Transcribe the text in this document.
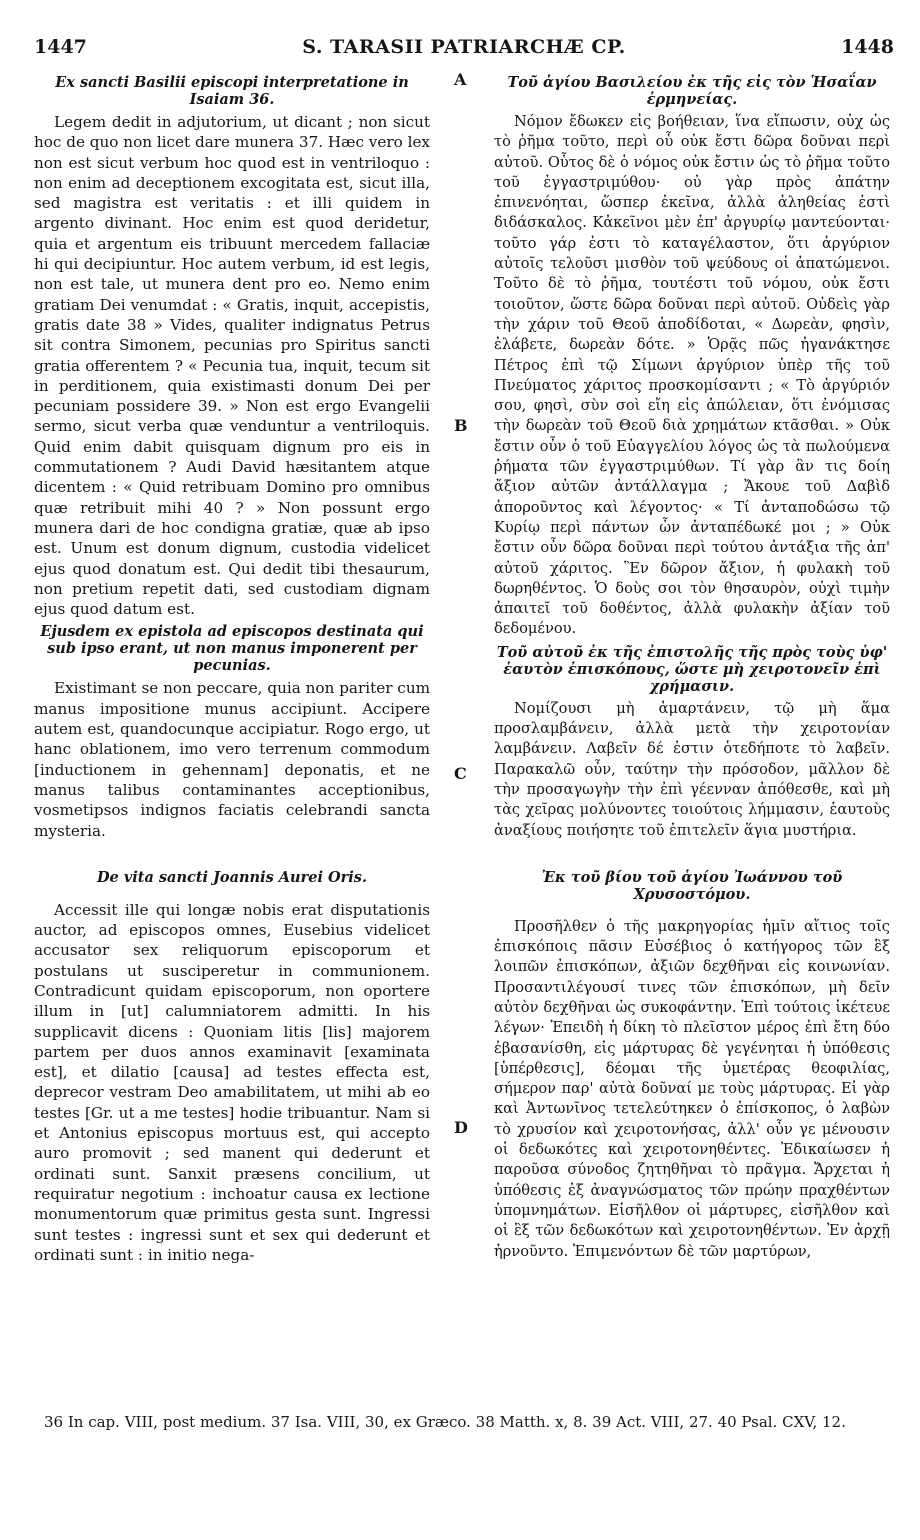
1447	S. TARASII PATRIARCHÆ CP.	1448
Ex sancti Basilii episcopi interpretatione in Isaiam 36.

Legem dedit in adjutorium, ut dicant ; non sicut hoc de quo non licet dare munera 37. Hæc vero lex non est sicut verbum hoc quod est in ventriloquo : non enim ad deceptionem excogitata est, sicut illa, sed magistra est veritatis : et illi quidem in argento divinant. Hoc enim est quod deridetur, quia et argentum eis tribuunt mercedem fallaciæ hi qui decipiuntur. Hoc autem verbum, id est legis, non est tale, ut munera dent pro eo. Nemo enim gratiam Dei venumdat : « Gratis, inquit, accepistis, gratis date 38 » Vides, qualiter indignatus Petrus sit contra Simonem, pecunias pro Spiritus sancti gratia offerentem ? « Pecunia tua, inquit, tecum sit in perditionem, quia existimasti donum Dei per pecuniam possidere 39. » Non est ergo Evangelii sermo, sicut verba quæ venduntur a ventriloquis. Quid enim dabit quisquam dignum pro eis in commutationem ? Audi David hæsitantem atque dicentem : « Quid retribuam Domino pro omnibus quæ retribuit mihi 40 ? » Non possunt ergo munera dari de hoc condigna gratiæ, quæ ab ipso est. Unum est donum dignum, custodia videlicet ejus quod donatum est. Qui dedit tibi thesaurum, non pretium repetit dati, sed custodiam dignam ejus quod datum est.

Ejusdem ex epistola ad episcopos destinata qui sub ipso erant, ut non manus imponerent per pecunias.

Existimant se non peccare, quia non pariter cum manus impositione munus accipiunt. Accipere autem est, quandocunque accipiatur. Rogo ergo, ut hanc oblationem, imo vero terrenum commodum [inductionem in gehennam] deponatis, et ne manus talibus contaminantes acceptionibus, vosmetipsos indignos faciatis celebrandi sancta mysteria.

De vita sancti Joannis Aurei Oris.

Accessit ille qui longæ nobis erat disputationis auctor, ad episcopos omnes, Eusebius videlicet accusator sex reliquorum episcoporum et postulans ut susciperetur in communionem. Contradicunt quidam episcoporum, non oportere illum in [ut] calumniatorem admitti. In his supplicavit dicens : Quoniam litis [lis] majorem partem per duos annos examinavit [examinata est], et dilatio [causa] ad testes effecta est, deprecor vestram Deo amabilitatem, ut mihi ab eo testes [Gr. ut a me testes] hodie tribuantur. Nam si et Antonius episcopus mortuus est, qui accepto auro promovit ; sed manent qui dederunt et ordinati sunt. Sanxit præsens concilium, ut requiratur negotium : inchoatur causa ex lectione monumentorum quæ primitus gesta sunt. Ingressi sunt testes : ingressi sunt et sex qui dederunt et ordinati sunt : in initio nega-

A
B
C
D
Τοῦ ἁγίου Βασιλείου ἐκ τῆς εἰς τὸν Ἡσαΐαν ἑρμηνείας.

Νόμον ἔδωκεν εἰς βοήθειαν, ἵνα εἴπωσιν, οὐχ ὡς τὸ ῥῆμα τοῦτο, περὶ οὗ οὐκ ἔστι δῶρα δοῦναι περὶ αὐτοῦ. Οὗτος δὲ ὁ νόμος οὐκ ἔστιν ὡς τὸ ῥῆμα τοῦτο τοῦ ἐγγαστριμύθου· οὐ γὰρ πρὸς ἀπάτην ἐπινενόηται, ὥσπερ ἐκεῖνα, ἀλλὰ ἀληθείας ἐστὶ διδάσκαλος. Κἀκεῖνοι μὲν ἐπ' ἀργυρίῳ μαντεύονται· τοῦτο γάρ ἐστι τὸ καταγέλαστον, ὅτι ἀργύριον αὐτοῖς τελοῦσι μισθὸν τοῦ ψεύδους οἱ ἀπατώμενοι. Τοῦτο δὲ τὸ ῥῆμα, τουτέστι τοῦ νόμου, οὐκ ἔστι τοιοῦτον, ὥστε δῶρα δοῦναι περὶ αὐτοῦ. Οὐδεὶς γὰρ τὴν χάριν τοῦ Θεοῦ ἀποδίδοται, « Δωρεὰν, φησὶν, ἐλάβετε, δωρεὰν δότε. » Ὁρᾷς πῶς ἠγανάκτησε Πέτρος ἐπὶ τῷ Σίμωνι ἀργύριον ὑπὲρ τῆς τοῦ Πνεύματος χάριτος προσκομίσαντι ; « Τὸ ἀργύριόν σου, φησὶ, σὺν σοὶ εἴη εἰς ἀπώλειαν, ὅτι ἐνόμισας τὴν δωρεὰν τοῦ Θεοῦ διὰ χρημάτων κτᾶσθαι. » Οὐκ ἔστιν οὖν ὁ τοῦ Εὐαγγελίου λόγος ὡς τὰ πωλούμενα ῥήματα τῶν ἐγγαστριμύθων. Τί γὰρ ἂν τις δοίη ἄξιον αὐτῶν ἀντάλλαγμα ; Ἄκουε τοῦ Δαβὶδ ἀποροῦντος καὶ λέγοντος· « Τί ἀνταποδώσω τῷ Κυρίῳ περὶ πάντων ὧν ἀνταπέδωκέ μοι ; » Οὐκ ἔστιν οὖν δῶρα δοῦναι περὶ τούτου ἀντάξια τῆς ἀπ' αὐτοῦ χάριτος. Ἓν δῶρον ἄξιον, ἡ φυλακὴ τοῦ δωρηθέντος. Ὁ δοὺς σοι τὸν θησαυρὸν, οὐχὶ τιμὴν ἀπαιτεῖ τοῦ δοθέντος, ἀλλὰ φυλακὴν ἀξίαν τοῦ δεδομένου.

Τοῦ αὐτοῦ ἐκ τῆς ἐπιστολῆς τῆς πρὸς τοὺς ὑφ' ἑαυτὸν ἐπισκόπους, ὥστε μὴ χειροτονεῖν ἐπὶ χρήμασιν.

Νομίζουσι μὴ ἁμαρτάνειν, τῷ μὴ ἅμα προσλαμβάνειν, ἀλλὰ μετὰ τὴν χειροτονίαν λαμβάνειν. Λαβεῖν δέ ἐστιν ὁτεδήποτε τὸ λαβεῖν. Παρακαλῶ οὖν, ταύτην τὴν πρόσοδον, μᾶλλον δὲ τὴν προσαγωγὴν τὴν ἐπὶ γέενναν ἀπόθεσθε, καὶ μὴ τὰς χεῖρας μολύνοντες τοιούτοις λήμμασιν, ἑαυτοὺς ἀναξίους ποιήσητε τοῦ ἐπιτελεῖν ἅγια μυστήρια.

Ἐκ τοῦ βίου τοῦ ἁγίου Ἰωάννου τοῦ Χρυσοστόμου.

Προσῆλθεν ὁ τῆς μακρηγορίας ἡμῖν αἴτιος τοῖς ἐπισκόποις πᾶσιν Εὐσέβιος ὁ κατήγορος τῶν ἓξ λοιπῶν ἐπισκόπων, ἀξιῶν δεχθῆναι εἰς κοινωνίαν. Προσαντιλέγουσί τινες τῶν ἐπισκόπων, μὴ δεῖν αὐτὸν δεχθῆναι ὡς συκοφάντην. Ἐπὶ τούτοις ἱκέτευε λέγων· Ἐπειδὴ ἡ δίκη τὸ πλεῖστον μέρος ἐπὶ ἔτη δύο ἐβασανίσθη, εἰς μάρτυρας δὲ γεγένηται ἡ ὑπόθεσις [ὑπέρθεσις], δέομαι τῆς ὑμετέρας θεοφιλίας, σήμερον παρ' αὐτὰ δοῦναί με τοὺς μάρτυρας. Εἰ γὰρ καὶ Ἀντωνῖνος τετελεύτηκεν ὁ ἐπίσκοπος, ὁ λαβὼν τὸ χρυσίον καὶ χειροτονήσας, ἀλλ' οὖν γε μένουσιν οἱ δεδωκότες καὶ χειροτονηθέντες. Ἐδικαίωσεν ἡ παροῦσα σύνοδος ζητηθῆναι τὸ πρᾶγμα. Ἄρχεται ἡ ὑπόθεσις ἐξ ἀναγνώσματος τῶν πρώην πραχθέντων ὑπομνημάτων. Εἰσῆλθον οἱ μάρτυρες, εἰσῆλθον καὶ οἱ ἓξ τῶν δεδωκότων καὶ χειροτονηθέντων. Ἐν ἀρχῇ ἠρνοῦντο. Ἐπιμενόντων δὲ τῶν μαρτύρων,

36 In cap. VIII, post medium. 37 Isa. VIII, 30, ex Græco. 38 Matth. x, 8. 39 Act. VIII, 27. 40 Psal. CXV, 12.
